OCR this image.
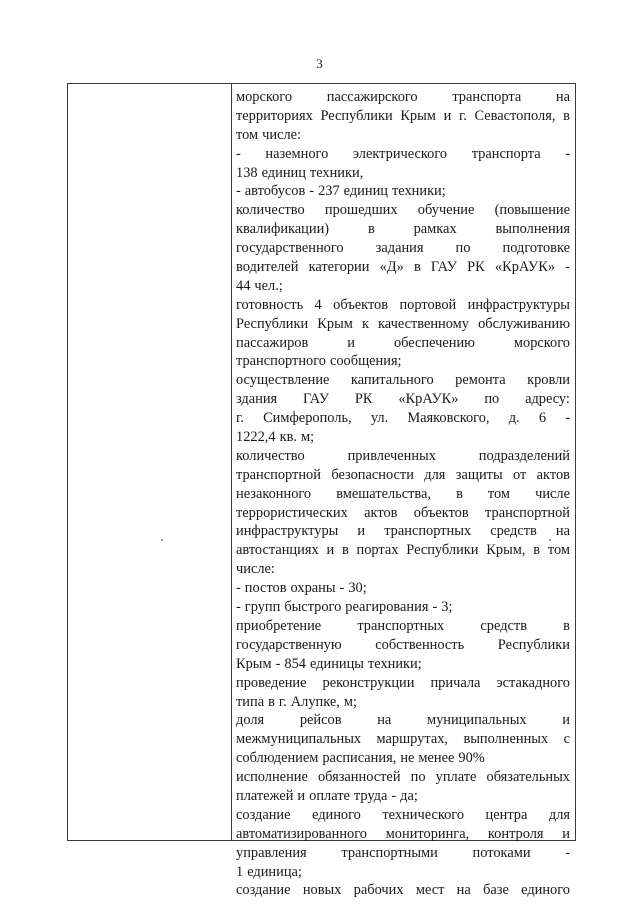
3
морского пассажирского транспорта на
территориях Республики Крым и г. Севастополя, в
том числе:
- наземного электрического транспорта -
138 единиц техники,
- автобусов - 237 единиц техники;
количество прошедших обучение (повышение
квалификации)	в	рамках	выполнения
государственного задания по подготовке
водителей категории «Д» в ГАУ РК «КрАУК» -
44 чел.;
готовность 4 объектов портовой инфраструктуры
Республики Крым к качественному обслуживанию
пассажиров	и	обеспечению	морского
транспортного сообщения;
осуществление капитального ремонта кровли
здания ГАУ РК «КрАУК» по адресу:
г. Симферополь, ул. Маяковского, д. 6 -
1222,4 кв. м;
количество	привлеченных	подразделений
транспортной безопасности для защиты от актов
незаконного вмешательства, в том числе
террористических актов объектов транспортной
инфраструктуры и транспортных средств на
автостанциях и в портах Республики Крым, в том
числе:
- постов охраны - 30;
- групп быстрого реагирования - 3;
приобретение	транспортных	средств	в
государственную собственность Республики
Крым - 854 единицы техники;
проведение реконструкции причала эстакадного
типа в г. Алупке, м;
доля рейсов на муниципальных и
межмуниципальных маршрутах, выполненных с
соблюдением расписания, не менее 90%
исполнение обязанностей по уплате обязательных
платежей и оплате труда - да;
создание единого технического центра для
автоматизированного мониторинга, контроля и
управления транспортными потоками -
1 единица;
создание новых рабочих мест на базе единого
